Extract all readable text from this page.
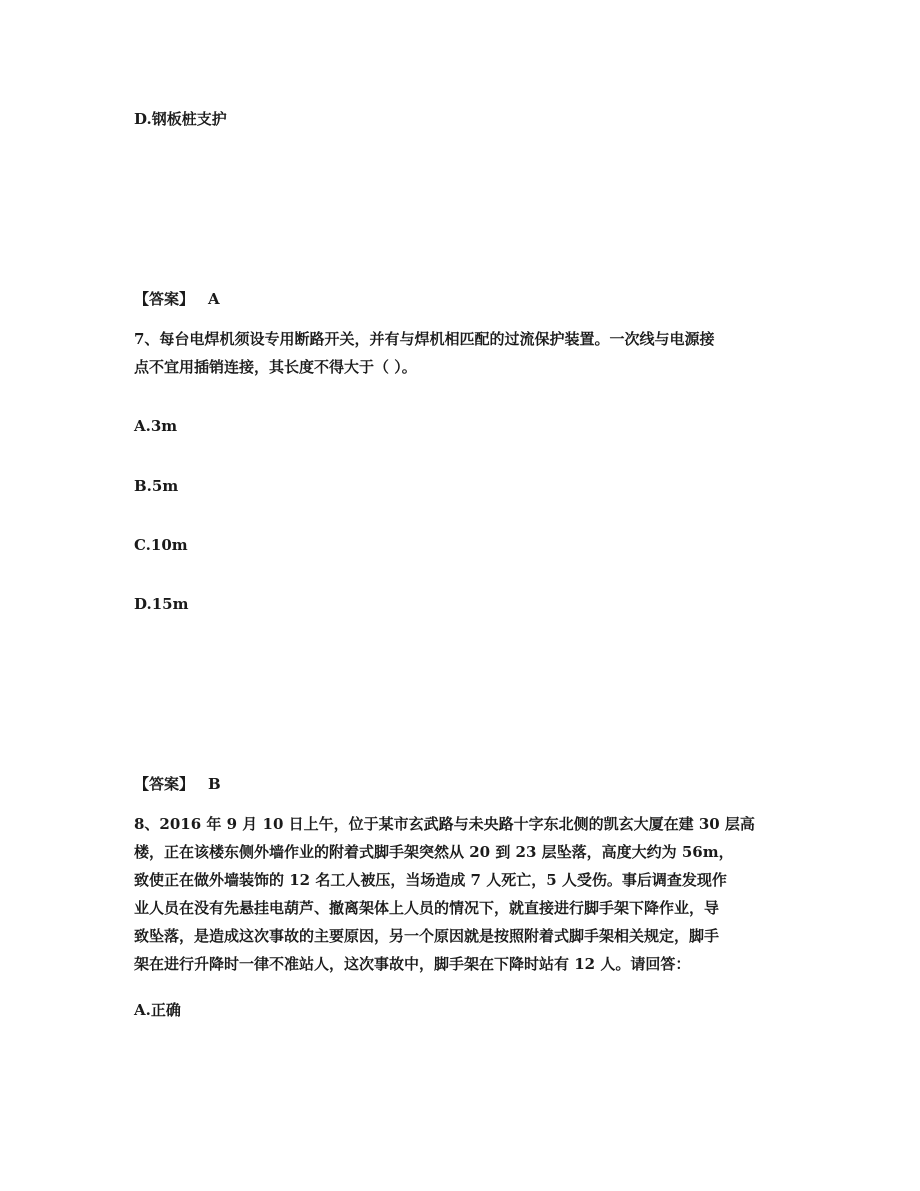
D.钢板桩支护
【答案】 A
7、每台电焊机须设专用断路开关，并有与焊机相匹配的过流保护装置。一次线与电源接
点不宜用插销连接，其长度不得大于（ ）。
A.3m
B.5m
C.10m
D.15m
【答案】 B
8、2016 年 9 月 10 日上午，位于某市玄武路与未央路十字东北侧的凯玄大厦在建 30 层高
楼，正在该楼东侧外墙作业的附着式脚手架突然从 20 到 23 层坠落，高度大约为 56m，
致使正在做外墙装饰的 12 名工人被压，当场造成 7 人死亡，5 人受伤。事后调查发现作
业人员在没有先悬挂电葫芦、撤离架体上人员的情况下，就直接进行脚手架下降作业，导
致坠落，是造成这次事故的主要原因，另一个原因就是按照附着式脚手架相关规定，脚手
架在进行升降时一律不准站人，这次事故中，脚手架在下降时站有 12 人。请回答：
A.正确
